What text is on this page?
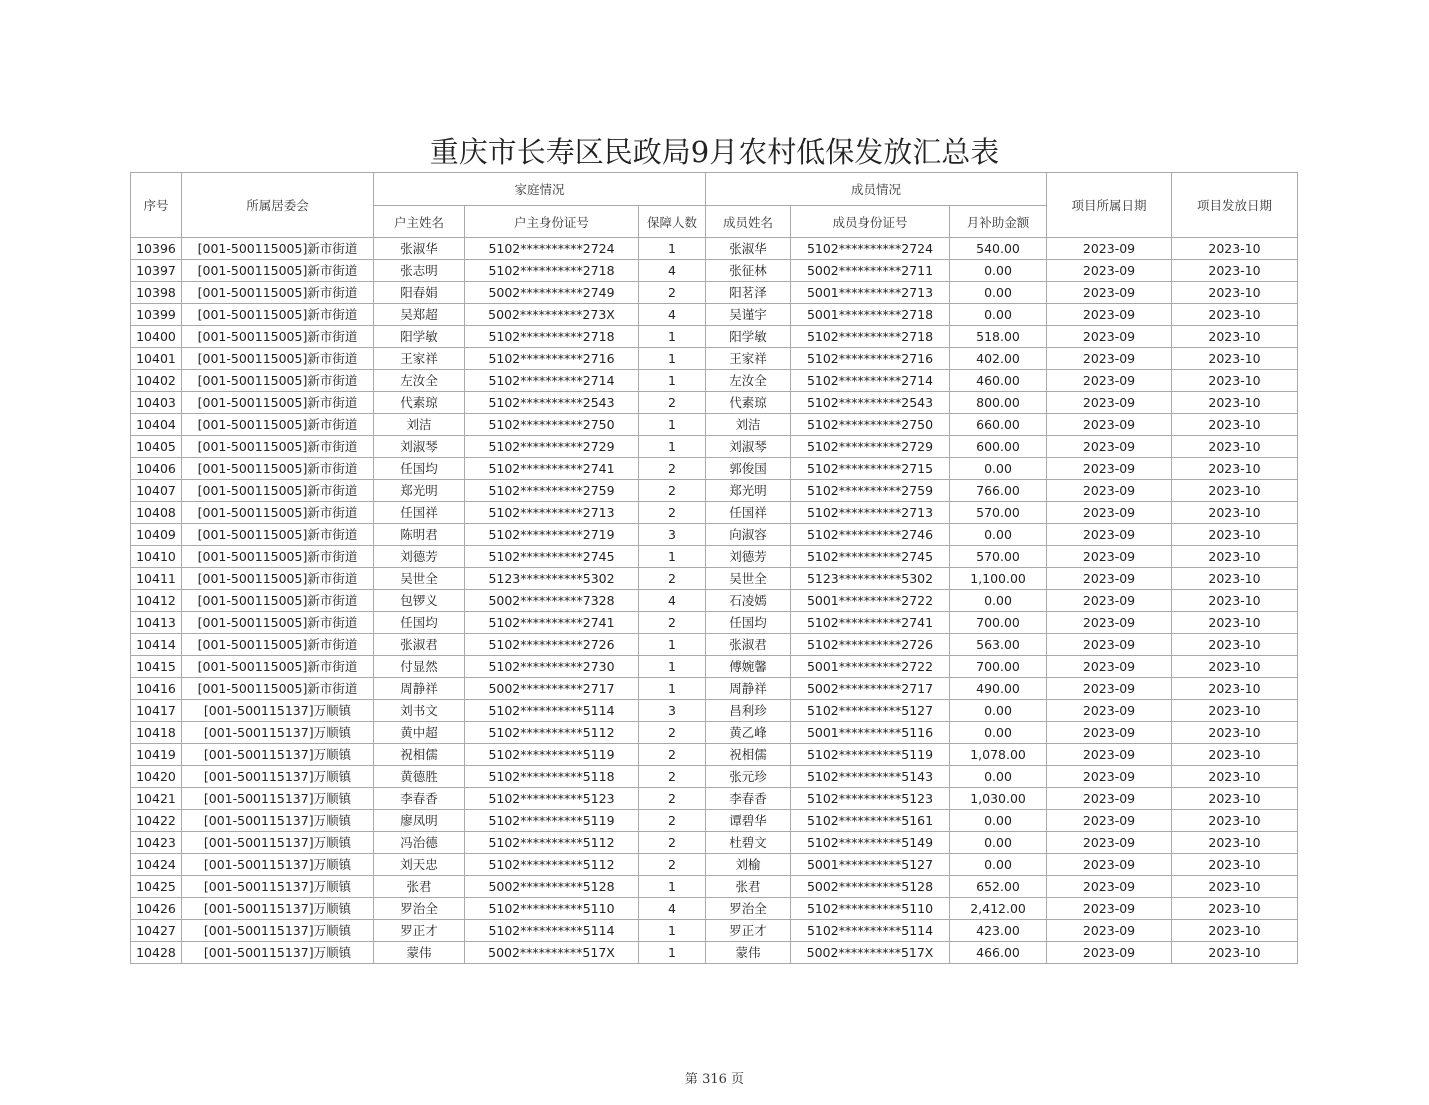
重庆市长寿区民政局9月农村低保发放汇总表
序号	所属居委会	家庭情况			成员情况			项目所属日期	项目发放日期
		户主姓名	户主身份证号	保障人数	成员姓名	成员身份证号	月补助金额		
10396	[001-500115005]新市街道	张淑华	5102**********2724	1	张淑华	5102**********2724	540.00	2023-09	2023-10
10397	[001-500115005]新市街道	张志明	5102**********2718	4	张征林	5002**********2711	0.00	2023-09	2023-10
10398	[001-500115005]新市街道	阳春娟	5002**********2749	2	阳茗泽	5001**********2713	0.00	2023-09	2023-10
10399	[001-500115005]新市街道	吴郑超	5002**********273X	4	吴谨宇	5001**********2718	0.00	2023-09	2023-10
10400	[001-500115005]新市街道	阳学敏	5102**********2718	1	阳学敏	5102**********2718	518.00	2023-09	2023-10
10401	[001-500115005]新市街道	王家祥	5102**********2716	1	王家祥	5102**********2716	402.00	2023-09	2023-10
10402	[001-500115005]新市街道	左汝全	5102**********2714	1	左汝全	5102**********2714	460.00	2023-09	2023-10
10403	[001-500115005]新市街道	代素琼	5102**********2543	2	代素琼	5102**********2543	800.00	2023-09	2023-10
10404	[001-500115005]新市街道	刘洁	5102**********2750	1	刘洁	5102**********2750	660.00	2023-09	2023-10
10405	[001-500115005]新市街道	刘淑琴	5102**********2729	1	刘淑琴	5102**********2729	600.00	2023-09	2023-10
10406	[001-500115005]新市街道	任国均	5102**********2741	2	郭俊国	5102**********2715	0.00	2023-09	2023-10
10407	[001-500115005]新市街道	郑光明	5102**********2759	2	郑光明	5102**********2759	766.00	2023-09	2023-10
10408	[001-500115005]新市街道	任国祥	5102**********2713	2	任国祥	5102**********2713	570.00	2023-09	2023-10
10409	[001-500115005]新市街道	陈明君	5102**********2719	3	向淑容	5102**********2746	0.00	2023-09	2023-10
10410	[001-500115005]新市街道	刘德芳	5102**********2745	1	刘德芳	5102**********2745	570.00	2023-09	2023-10
10411	[001-500115005]新市街道	吴世全	5123**********5302	2	吴世全	5123**********5302	1,100.00	2023-09	2023-10
10412	[001-500115005]新市街道	包锣义	5002**********7328	4	石凌嫣	5001**********2722	0.00	2023-09	2023-10
10413	[001-500115005]新市街道	任国均	5102**********2741	2	任国均	5102**********2741	700.00	2023-09	2023-10
10414	[001-500115005]新市街道	张淑君	5102**********2726	1	张淑君	5102**********2726	563.00	2023-09	2023-10
10415	[001-500115005]新市街道	付显然	5102**********2730	1	傅婉馨	5001**********2722	700.00	2023-09	2023-10
10416	[001-500115005]新市街道	周静祥	5002**********2717	1	周静祥	5002**********2717	490.00	2023-09	2023-10
10417	[001-500115137]万顺镇	刘书文	5102**********5114	3	昌利珍	5102**********5127	0.00	2023-09	2023-10
10418	[001-500115137]万顺镇	黄中超	5102**********5112	2	黄乙峰	5001**********5116	0.00	2023-09	2023-10
10419	[001-500115137]万顺镇	祝相儒	5102**********5119	2	祝相儒	5102**********5119	1,078.00	2023-09	2023-10
10420	[001-500115137]万顺镇	黄德胜	5102**********5118	2	张元珍	5102**********5143	0.00	2023-09	2023-10
10421	[001-500115137]万顺镇	李春香	5102**********5123	2	李春香	5102**********5123	1,030.00	2023-09	2023-10
10422	[001-500115137]万顺镇	廖凤明	5102**********5119	2	谭碧华	5102**********5161	0.00	2023-09	2023-10
10423	[001-500115137]万顺镇	冯治德	5102**********5112	2	杜碧文	5102**********5149	0.00	2023-09	2023-10
10424	[001-500115137]万顺镇	刘天忠	5102**********5112	2	刘榆	5001**********5127	0.00	2023-09	2023-10
10425	[001-500115137]万顺镇	张君	5002**********5128	1	张君	5002**********5128	652.00	2023-09	2023-10
10426	[001-500115137]万顺镇	罗治全	5102**********5110	4	罗治全	5102**********5110	2,412.00	2023-09	2023-10
10427	[001-500115137]万顺镇	罗正才	5102**********5114	1	罗正才	5102**********5114	423.00	2023-09	2023-10
10428	[001-500115137]万顺镇	蒙伟	5002**********517X	1	蒙伟	5002**********517X	466.00	2023-09	2023-10
第 316 页
